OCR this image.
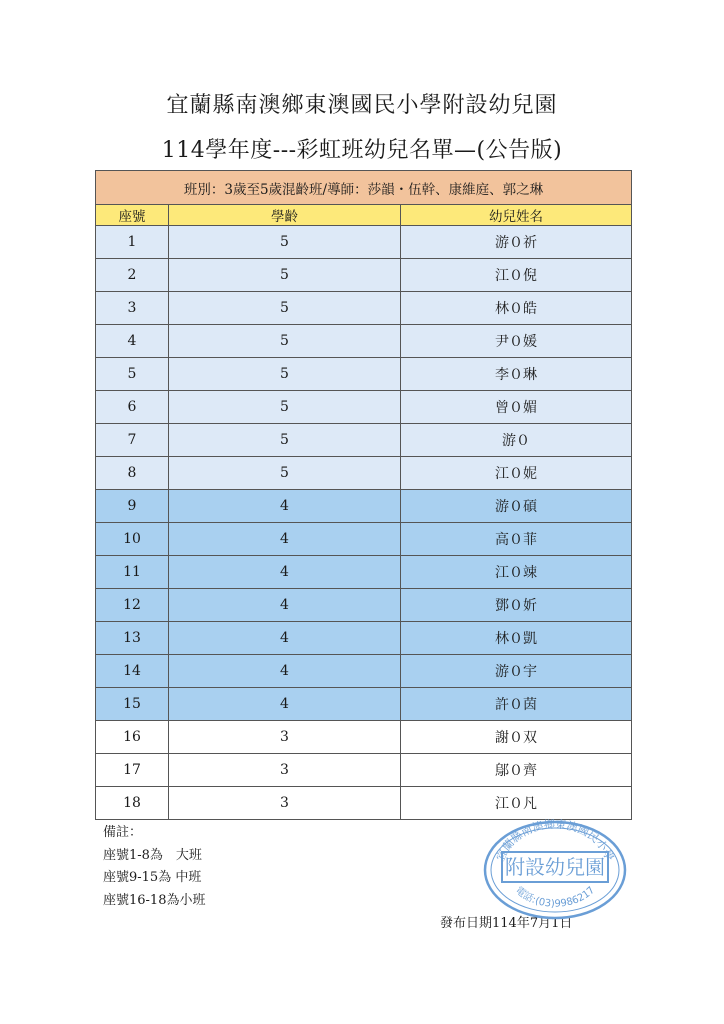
宜蘭縣南澳鄉東澳國民小學附設幼兒園
114學年度---彩虹班幼兒名單—(公告版)
班別：3歲至5歲混齡班/導師：莎韻・伍幹、康維庭、郭之琳		
座號	學齡	幼兒姓名
1	5	游０祈
2	5	江０倪
3	5	林０皓
4	5	尹０媛
5	5	李０琳
6	5	曾０媚
7	5	游０
8	5	江０妮
9	4	游０碩
10	4	高０菲
11	4	江０竦
12	4	鄧０妡
13	4	林０凱
14	4	游０宇
15	4	許０茵
16	3	謝０双
17	3	鄔０齊
18	3	江０凡
備註：
座號1-8為　大班
座號9-15為 中班
座號16-18為小班
宜蘭縣南澳鄉東澳國民小學
附設幼兒園
電話:(03)9986217
發布日期114年7月1日
